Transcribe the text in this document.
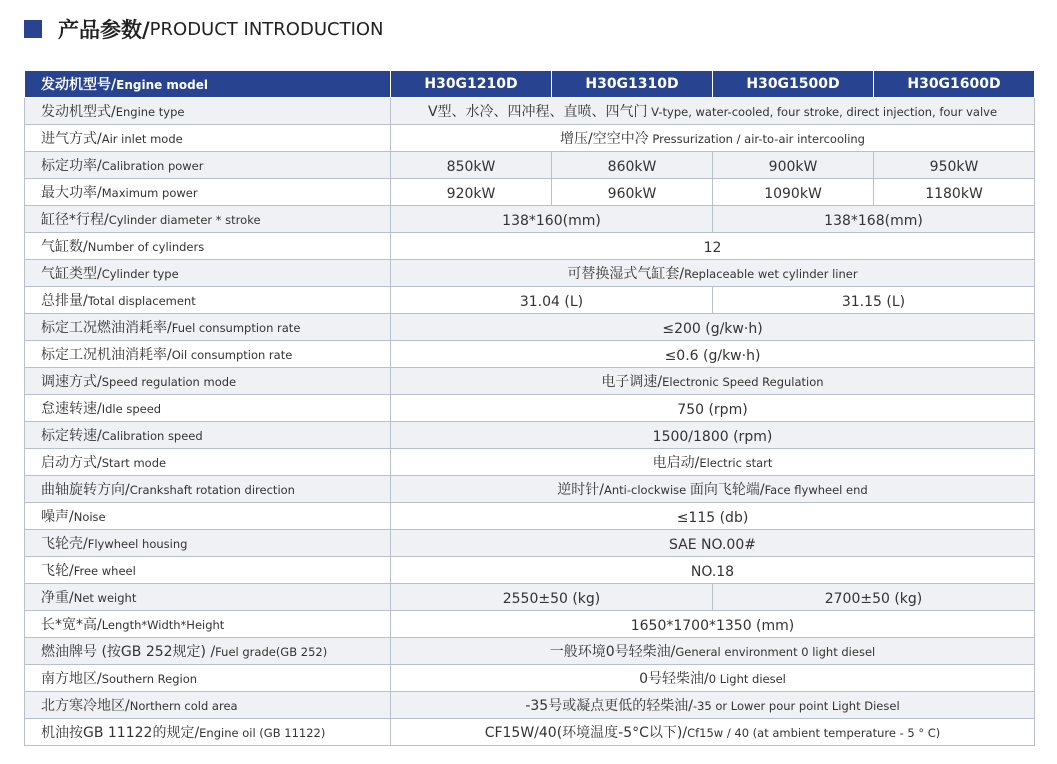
产品参数/ PRODUCT INTRODUCTION
发动机型号/Engine model	H30G1210D	H30G1310D	H30G1500D	H30G1600D
发动机型式/Engine type	V型、水冷、四冲程、直喷、四气门 V-type, water-cooled, four stroke, direct injection, four valve			
进气方式/Air inlet mode	增压/空空中冷 Pressurization / air-to-air intercooling			
标定功率/Calibration power	850kW	860kW	900kW	950kW
最大功率/Maximum power	920kW	960kW	1090kW	1180kW
缸径*行程/Cylinder diameter * stroke	138*160(mm)		138*168(mm)	
气缸数/Number of cylinders	12			
气缸类型/Cylinder type	可替换湿式气缸套/Replaceable wet cylinder liner			
总排量/Total displacement	31.04 (L)		31.15 (L)	
标定工况燃油消耗率/Fuel consumption rate	≤200 (g/kw·h)			
标定工况机油消耗率/Oil consumption rate	≤0.6 (g/kw·h)			
调速方式/Speed regulation mode	电子调速/Electronic Speed Regulation			
怠速转速/Idle speed	750 (rpm)			
标定转速/Calibration speed	1500/1800 (rpm)			
启动方式/Start mode	电启动/Electric start			
曲轴旋转方向/Crankshaft rotation direction	逆时针/Anti-clockwise 面向飞轮端/Face flywheel end			
噪声/Noise	≤115 (db)			
飞轮壳/Flywheel housing	SAE NO.00#			
飞轮/Free wheel	NO.18			
净重/Net weight	2550±50 (kg)		2700±50 (kg)	
长*宽*高/Length*Width*Height	1650*1700*1350 (mm)			
燃油牌号 (按GB 252规定) /Fuel grade(GB 252)	一般环境0号轻柴油/General environment 0 light diesel			
南方地区/Southern Region	0号轻柴油/0 Light diesel			
北方寒冷地区/Northern cold area	-35号或凝点更低的轻柴油/-35 or Lower pour point Light Diesel			
机油按GB 11122的规定/Engine oil (GB 11122)	CF15W/40(环境温度-5°C以下)/Cf15w / 40 (at ambient temperature - 5 ° C)			
